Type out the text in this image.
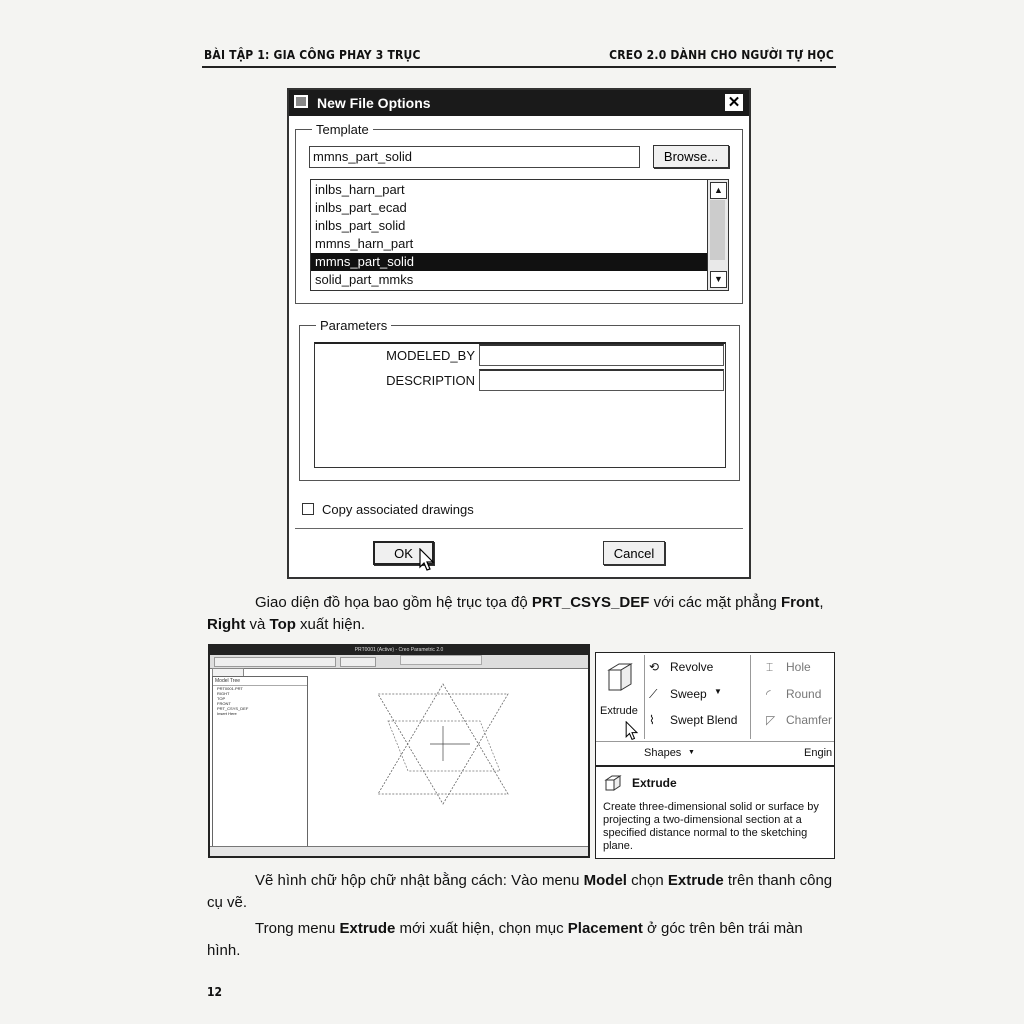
BÀI TẬP 1: GIA CÔNG PHAY 3 TRỤC	CREO 2.0 DÀNH CHO NGƯỜI TỰ HỌC
New File Options	✕
Template
mmns_part_solid	Browse...
inlbs_harn_part
inlbs_part_ecad
inlbs_part_solid
mmns_harn_part
mmns_part_solid
solid_part_mmks
▲
▼
Parameters
MODELED_BY
DESCRIPTION
Copy associated drawings
OK	Cancel
Giao diện đồ họa bao gồm hệ trục tọa độ PRT_CSYS_DEF với các mặt phẳng Front, Right và Top xuất hiện.
PRT0001 (Active) - Creo Parametric 2.0
Model Tree
PRT0001.PRT
RIGHT
TOP
FRONT
PRT_CSYS_DEF
Insert Here	Extrude
⟲ Revolve
⟋ Sweep ▼
⌇ Swept Blend
⌶ Hole
◜ Round
◸ Chamfer
Shapes ▼	Engin
Extrude
Create three-dimensional solid or surface by projecting a two-dimensional section at a specified distance normal to the sketching plane.
Vẽ hình chữ hộp chữ nhật bằng cách: Vào menu Model chọn Extrude trên thanh công cụ vẽ.
Trong menu Extrude mới xuất hiện, chọn mục Placement ở góc trên bên trái màn hình.
12
